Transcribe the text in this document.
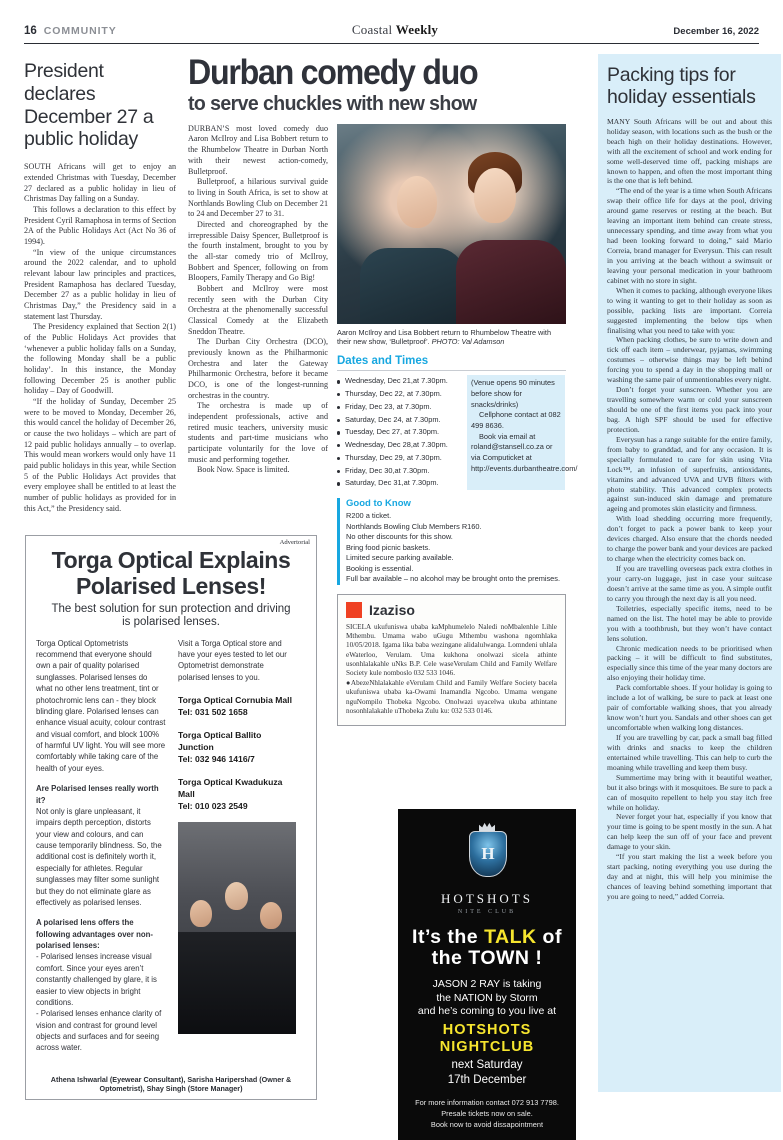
16 COMMUNITY	Coastal Weekly	December 16, 2022
President declares December 27 a public holiday

SOUTH Africans will get to enjoy an extended Christmas with Tuesday, December 27 declared as a public holiday in lieu of Christmas Day falling on a Sunday.

This follows a declaration to this effect by President Cyril Ramaphosa in terms of Section 2A of the Public Holidays Act (Act No 36 of 1994).

“In view of the unique circumstances around the 2022 calendar, and to uphold relevant labour law principles and practices, President Ramaphosa has declared Tuesday, December 27 as a public holiday in lieu of Christmas Day,” the Presidency said in a statement last Thursday.

The Presidency explained that Section 2(1) of the Public Holidays Act provides that ‘whenever a public holiday falls on a Sunday, the following Monday shall be a public holiday’. In this instance, the Monday following December 25 is another public holiday – Day of Goodwill.

“If the holiday of Sunday, December 25 were to be moved to Monday, December 26, this would cancel the holiday of December 26, or cause the two holidays – which are part of 12 paid public holidays annually – to overlap. This would mean workers would only have 11 paid public holidays in this year, while Section 5 of the Public Holidays Act provides that every employee shall be entitled to at least the number of public holidays as provided for in this Act,” the Presidency said.

Durban comedy duo
to serve chuckles with new show

DURBAN’S most loved comedy duo Aaron McIlroy and Lisa Bobbert return to the Rhumbelow Theatre in Durban North with their newest action-comedy, Bulletproof.

Bulletproof, a hilarious survival guide to living in South Africa, is set to show at Northlands Bowling Club on December 21 to 24 and December 27 to 31.

Directed and choreographed by the irrepressible Daisy Spencer, Bulletproof is the fourth instalment, brought to you by the all-star comedy trio of McIlroy, Bobbert and Spencer, following on from Bloopers, Family Therapy and Go Big!

Bobbert and McIlroy were most recently seen with the Durban City Orchestra at the phenomenally successful Classical Comedy at the Elizabeth Sneddon Theatre.

The Durban City Orchestra (DCO), previously known as the Philharmonic Orchestra and later the Gateway Philharmonic Orchestra, before it became DCO, is one of the longest-running orchestras in the country.

The orchestra is made up of independent professionals, active and retired music teachers, university music students and part-time musicians who participate voluntarily for the love of music and performing together.

Book Now. Space is limited.

Aaron McIlroy and Lisa Bobbert return to Rhumbelow Theatre with their new show, ‘Bulletproof’. PHOTO: Val Adamson
Dates and Times
Wednesday, Dec 21,at 7.30pm.
Thursday, Dec 22, at 7.30pm.
Friday, Dec 23, at 7.30pm.
Saturday, Dec 24, at 7.30pm.
Tuesday, Dec 27, at 7.30pm.
Wednesday, Dec 28,at 7.30pm.
Thursday, Dec 29, at 7.30pm.
Friday, Dec 30,at 7.30pm.
Saturday, Dec 31,at 7.30pm.

(Venue opens 90 minutes before show for snacks/drinks)

Cellphone contact at 082 499 8636.

Book via email at roland@stansell.co.za or via Computicket at http://events.durbantheatre.com/

Good to Know
R200 a ticket.
Northlands Bowling Club Members R160.
No other discounts for this show.
Bring food picnic baskets.
Limited secure parking available.
Booking is essential.
Full bar available – no alcohol may be brought onto the premises.
Izaziso

SICELA ukufuniswa ubaba kaMphumelelo Naledi noMbalenhle Lihle Mthembu. Umama wabo uGugu Mthembu washona ngomhlaka 10/05/2018. Igama lika baba wezingane alidalulwanga. Lomndeni uhlala eWaterloo, Verulam. Uma kukhona onolwazi sicela athinte usonhlalakahle uNks B.P. Cele waseVerulam Child and Family Welfare Society kule nomboslo 032 533 1046.

●AbezeNhlalakahle eVerulam Child and Family Welfare Society bacela ukufuniswa ubaba ka-Owami Inamandla Ngcobo. Umama wengane nguNompilo Thobeka Ngcobo. Onolwazi uyacelwa ukuba athintane nosonhlalakahle uThobeka Zulu ku: 032 533 0146.

Packing tips for holiday essentials

MANY South Africans will be out and about this holiday season, with locations such as the bush or the beach high on their holiday destinations. However, with all the excitement of school and work ending for some well-deserved time off, packing mishaps are known to happen, and often the most important thing is the one that is left behind.

“The end of the year is a time when South Africans swap their office life for days at the pool, driving around game reserves or resting at the beach. But leaving an important item behind can create stress, unnecessary spending, and time away from what you had been looking forward to doing,” said Mario Correia, brand manager for Everysun. This can result in you arriving at the beach without a swimsuit or leaving your personal medication in your bathroom cabinet with no store in sight.

When it comes to packing, although everyone likes to wing it wanting to get to their holiday as soon as possible, packing lists are important. Correia suggested implementing the below tips when finalising what you need to take with you:

When packing clothes, be sure to write down and tick off each item – underwear, pyjamas, swimming costumes – otherwise things may be left behind forcing you to spend a day in the shopping mall or washing the same pair of unmentionables every night.

Don’t forget your sunscreen. Whether you are travelling somewhere warm or cold your sunscreen should be one of the first items you pack into your bag. A high SPF should be used for effective protection.

Everysun has a range suitable for the entire family, from baby to granddad, and for any occasion. It is specially formulated to care for skin using Vita Lock™, an infusion of superfruits, antioxidants, vitamins and advanced UVA and UVB filters with photo stability. This advanced complex protects against sun-induced skin damage and premature ageing and promotes skin elasticity and firmness.

With load shedding occurring more frequently, don’t forget to pack a power bank to keep your devices charged. Also ensure that the chords needed to charge the power bank and your devices are packed to charge when the electricity comes back on.

If you are travelling overseas pack extra clothes in your carry-on luggage, just in case your suitcase doesn’t arrive at the same time as you. A simple outfit to carry you through the next day is all you need.

Toiletries, especially specific items, need to be named on the list. The hotel may be able to provide you with a toothbrush, but they won’t have contact lens solution.

Chronic medication needs to be prioritised when packing – it will be difficult to find substitutes, especially since this time of the year many doctors are also enjoying their holiday time.

Pack comfortable shoes. If your holiday is going to include a lot of walking, be sure to pack at least one pair of comfortable walking shoes, that you already know won’t hurt you. Sandals and other shoes can get uncomfortable when walking long distances.

If you are travelling by car, pack a small bag filled with drinks and snacks to keep the children entertained while travelling. This can help to curb the moaning while travelling and keep them busy.

Summertime may bring with it beautiful weather, but it also brings with it mosquitoes. Be sure to pack a can of mosquito repellent to help you stay itch free while on holiday.

Never forget your hat, especially if you know that your time is going to be spent mostly in the sun. A hat can help keep the sun off of your face and prevent damage to your skin.

“If you start making the list a week before you start packing, noting everything you use during the day and at night, this will help you minimise the chances of leaving behind something important that you are going to need,” added Correia.

Advertorial
Torga Optical Explains
Polarised Lenses!
The best solution for sun protection and driving is polarised lenses.

Torga Optical Optometrists recommend that everyone should own a pair of quality polarised sunglasses. Polarised lenses do what no other lens treatment, tint or photochromic lens can - they block blinding glare. Polarised lenses can enhance visual acuity, colour contrast and visual comfort, and block 100% of harmful UV light. You will see more comfortably while taking care of the health of your eyes.

Are Polarised lenses really worth it?

Not only is glare unpleasant, it impairs depth perception, distorts your view and colours, and can cause temporarily blindness. So, the additional cost is definitely worth it, especially for athletes. Regular sunglasses may filter some sunlight but they do not eliminate glare as effectively as polarised lenses.

A polarised lens offers the following advantages over non-polarised lenses:

- Polarised lenses increase visual comfort. Since your eyes aren’t constantly challenged by glare, it is easier to view objects in bright conditions.

- Polarised lenses enhance clarity of vision and contrast for ground level objects and surfaces and for seeing across water.

Visit a Torga Optical store and have your eyes tested to let our Optometrist demonstrate polarised lenses to you.

Torga Optical Cornubia Mall
Tel: 031 502 1658
Torga Optical Ballito Junction
Tel: 032 946 1416/7
Torga Optical Kwadukuza Mall
Tel: 010 023 2549
Athena Ishwarlal (Eyewear Consultant), Sarisha Haripershad (Owner & Optometrist), Shay Singh (Store Manager)
H
HOTSHOTS
NITE CLUB
It’s the TALK of
the TOWN !
JASON 2 RAY is taking
the NATION by Storm
and he’s coming to you live at
HOTSHOTS
NIGHTCLUB
next Saturday
17th December
For more information contact 072 913 7798.
Presale tickets now on sale.
Book now to avoid dissapointment
